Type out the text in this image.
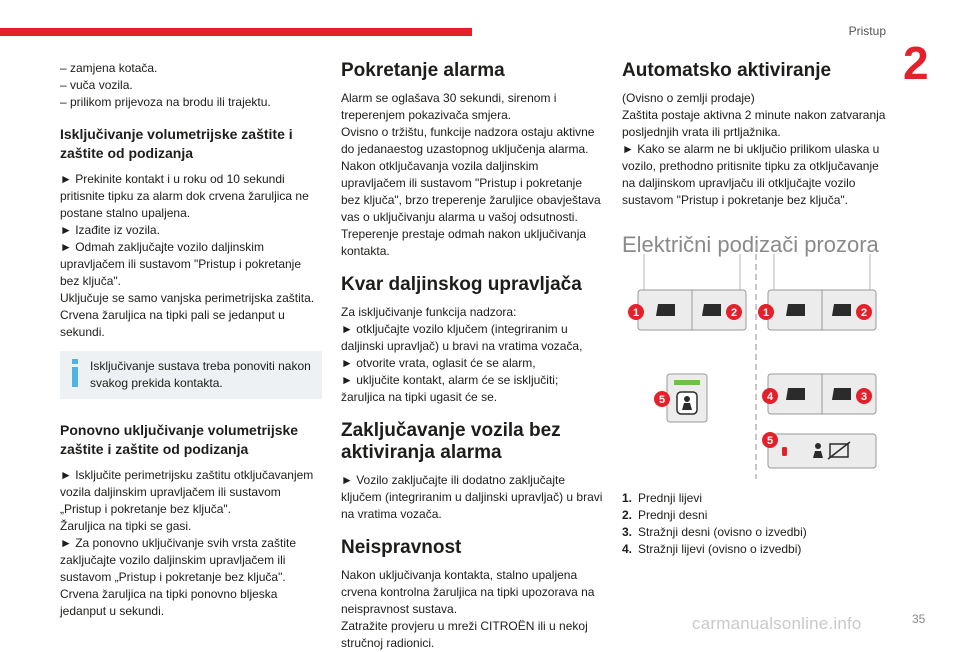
Pristup
2

– zamjena kotača.

– vuča vozila.

– prilikom prijevoza na brodu ili trajektu.

Isključivanje volumetrijske zaštite i zaštite od podizanja

► Prekinite kontakt i u roku od 10 sekundi pritisnite tipku za alarm dok crvena žaruljica ne postane stalno upaljena.

► Izađite iz vozila.

► Odmah zaključajte vozilo daljinskim upravljačem ili sustavom "Pristup i pokretanje bez ključa".

Uključuje se samo vanjska perimetrijska zaštita.

Crvena žaruljica na tipki pali se jedanput u sekundi.

Isključivanje sustava treba ponoviti nakon svakog prekida kontakta.

Ponovno uključivanje volumetrijske zaštite i zaštite od podizanja

► Isključite perimetrijsku zaštitu otključavanjem vozila daljinskim upravljačem ili sustavom „Pristup i pokretanje bez ključa".

Žaruljica na tipki se gasi.

► Za ponovno uključivanje svih vrsta zaštite zaključajte vozilo daljinskim upravljačem ili sustavom „Pristup i pokretanje bez ključa".

Crvena žaruljica na tipki ponovno bljeska jedanput u sekundi.

Pokretanje alarma

Alarm se oglašava 30 sekundi, sirenom i treperenjem pokazivača smjera.

Ovisno o tržištu, funkcije nadzora ostaju aktivne do jedanaestog uzastopnog uključenja alarma.

Nakon otključavanja vozila daljinskim upravljačem ili sustavom "Pristup i pokretanje bez ključa", brzo treperenje žaruljice obavještava vas o uključivanju alarma u vašoj odsutnosti.

Treperenje prestaje odmah nakon uključivanja kontakta.

Kvar daljinskog upravljača

Za isključivanje funkcija nadzora:

► otključajte vozilo ključem (integriranim u daljinski upravljač) u bravi na vratima vozača,

► otvorite vrata, oglasit će se alarm,

► uključite kontakt, alarm će se isključiti; žaruljica na tipki ugasit će se.

Zaključavanje vozila bez aktiviranja alarma

► Vozilo zaključajte ili dodatno zaključajte ključem (integriranim u daljinski upravljač) u bravi na vratima vozača.

Neispravnost

Nakon uključivanja kontakta, stalno upaljena crvena kontrolna žaruljica na tipki upozorava na neispravnost sustava.

Zatražite provjeru u mreži CITROËN ili u nekoj stručnoj radionici.

Automatsko aktiviranje

(Ovisno o zemlji prodaje)

Zaštita postaje aktivna 2 minute nakon zatvaranja posljednjih vrata ili prtljažnika.

► Kako se alarm ne bi uključio prilikom ulaska u vozilo, prethodno pritisnite tipku za otključavanje na daljinskom upravljaču ili otključajte vozilo sustavom "Pristup i pokretanje bez ključa".

Električni podizači prozora
1	2 1	2
5	4	3
5
1. Prednji lijevi
2. Prednji desni
3. Stražnji desni (ovisno o izvedbi)
4. Stražnji lijevi (ovisno o izvedbi)
carmanualsonline.info	35
